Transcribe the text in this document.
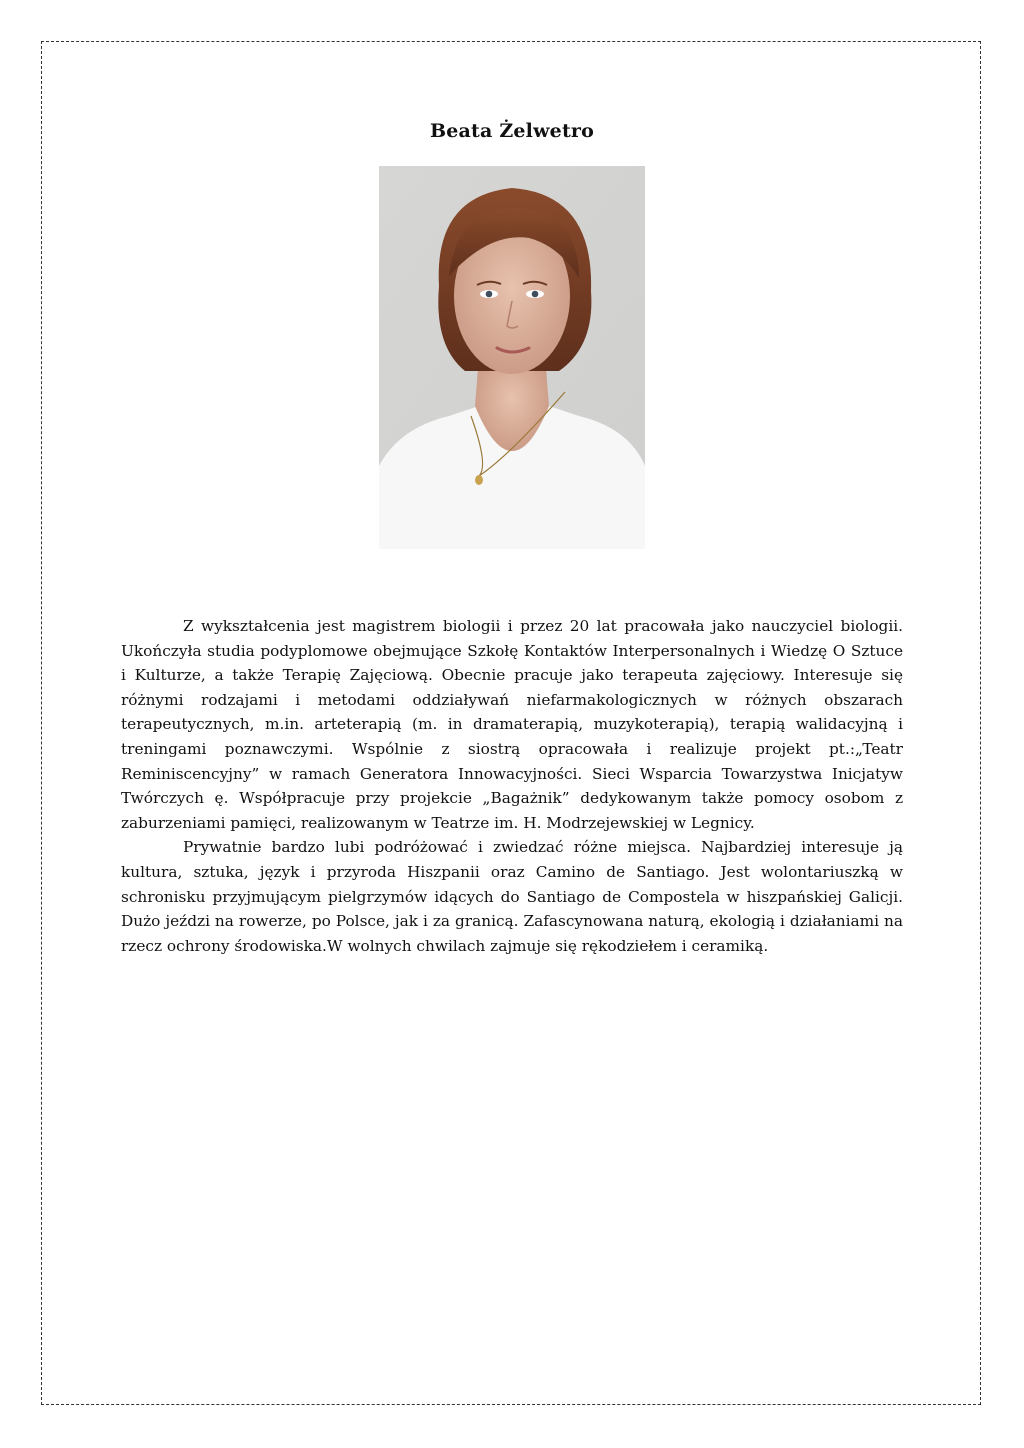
Beata Żelwetro

Z wykształcenia jest magistrem biologii i przez 20 lat pracowała jako nauczyciel biologii. Ukończyła studia podyplomowe obejmujące Szkołę Kontaktów Interpersonalnych i Wiedzę O Sztuce i Kulturze, a także Terapię Zajęciową. Obecnie pracuje jako terapeuta zajęciowy. Interesuje się różnymi rodzajami i metodami oddziaływań niefarmakologicznych w różnych obszarach terapeutycznych, m.in. arteterapią (m. in dramaterapią, muzykoterapią), terapią walidacyjną i treningami poznawczymi. Wspólnie z siostrą opracowała i realizuje projekt pt.:„Teatr Reminiscencyjny” w ramach Generatora Innowacyjności. Sieci Wsparcia Towarzystwa Inicjatyw Twórczych ę. Współpracuje przy projekcie „Bagażnik” dedykowanym także pomocy osobom z zaburzeniami pamięci, realizowanym w Teatrze im. H. Modrzejewskiej w Legnicy.

Prywatnie bardzo lubi podróżować i zwiedzać różne miejsca. Najbardziej interesuje ją kultura, sztuka, język i przyroda Hiszpanii oraz Camino de Santiago. Jest wolontariuszką w schronisku przyjmującym pielgrzymów idących do Santiago de Compostela w hiszpańskiej Galicji. Dużo jeździ na rowerze, po Polsce, jak i za granicą. Zafascynowana naturą, ekologią i działaniami na rzecz ochrony środowiska.W wolnych chwilach zajmuje się rękodziełem i ceramiką.
